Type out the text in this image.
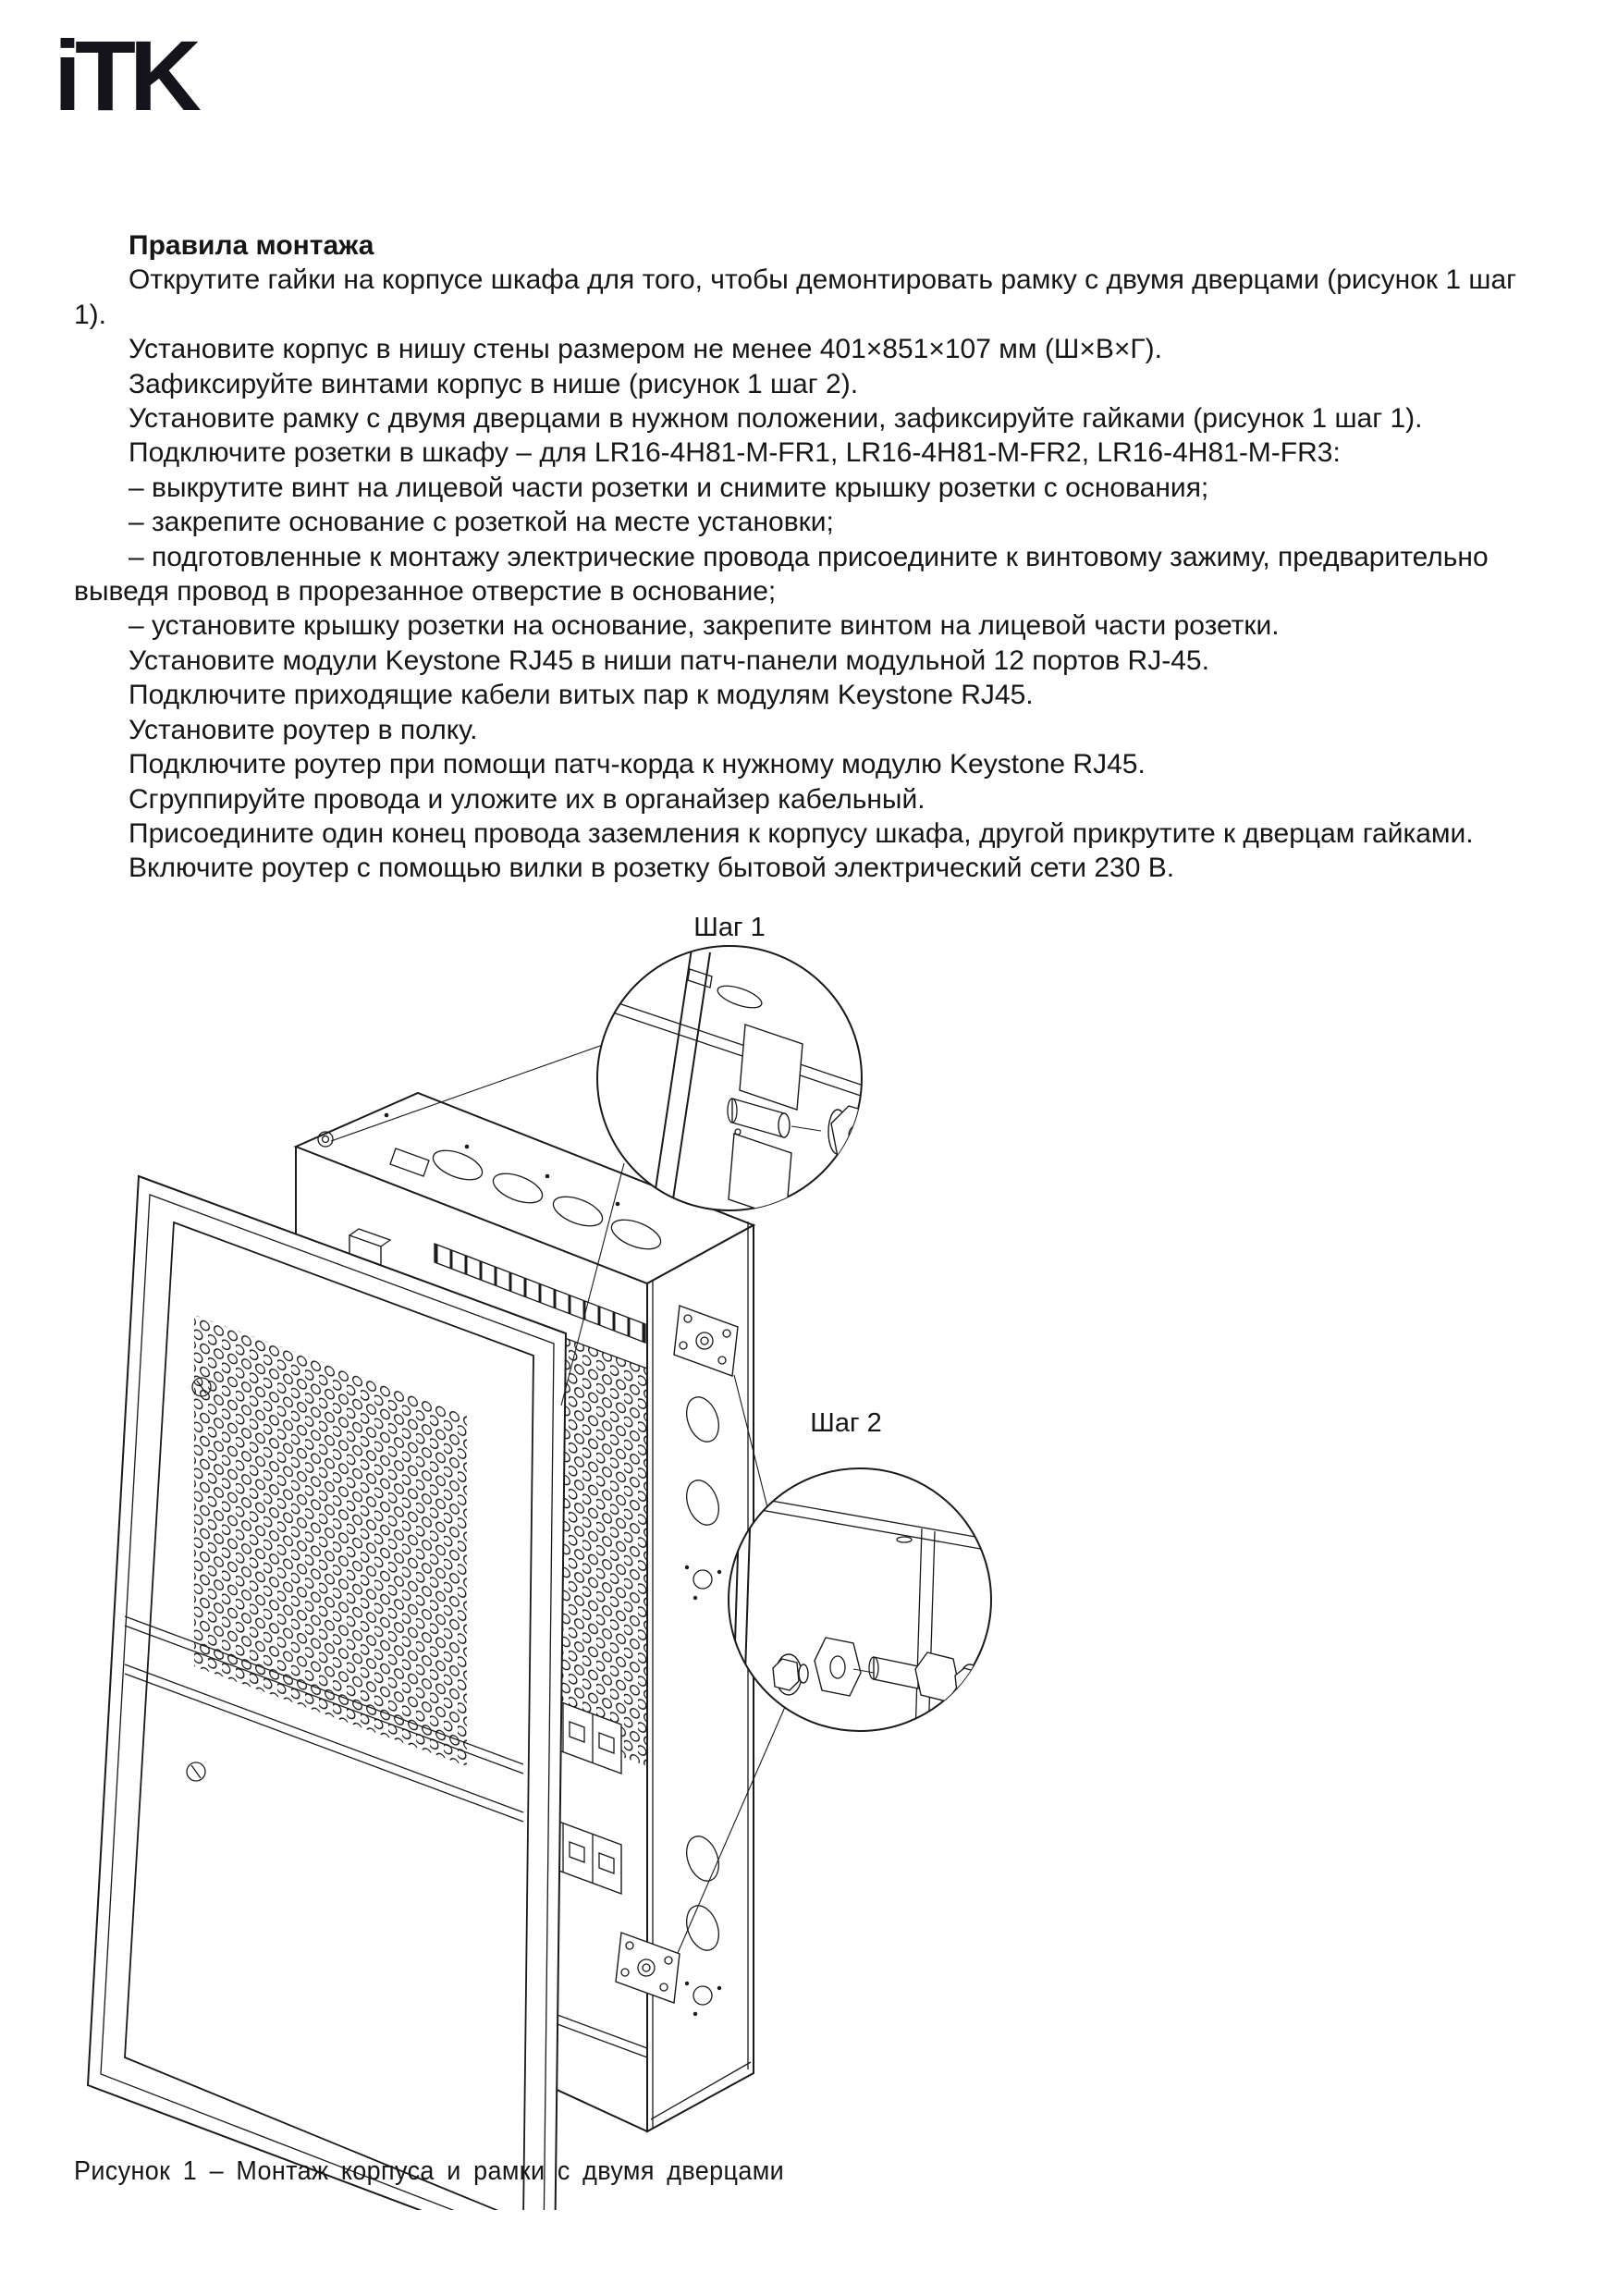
iTK

Правила монтажа

Открутите гайки на корпусе шкафа для того, чтобы демонтировать рамку с двумя дверцами (рисунок 1 шаг 1).

Установите корпус в нишу стены размером не менее 401×851×107 мм (Ш×В×Г).

Зафиксируйте винтами корпус в нише (рисунок 1 шаг 2).

Установите рамку с двумя дверцами в нужном положении, зафиксируйте гайками (рисунок 1 шаг 1).

Подключите розетки в шкафу – для LR16-4H81-M-FR1, LR16-4H81-M-FR2, LR16-4H81-M-FR3:

– выкрутите винт на лицевой части розетки и снимите крышку розетки с основания;

– закрепите основание с розеткой на месте установки;

– подготовленные к монтажу электрические провода присоедините к винтовому зажиму, предварительно выведя провод в прорезанное отверстие в основание;

– установите крышку розетки на основание, закрепите винтом на лицевой части розетки.

Установите модули Keystone RJ45 в ниши патч-панели модульной 12 портов RJ-45.

Подключите приходящие кабели витых пар к модулям Keystone RJ45.

Установите роутер в полку.

Подключите роутер при помощи патч-корда к нужному модулю Keystone RJ45.

Сгруппируйте провода и уложите их в органайзер кабельный.

Присоедините один конец провода заземления к корпусу шкафа, другой прикрутите к дверцам гайками.

Включите роутер с помощью вилки в розетку бытовой электрический сети 230 В.

Шаг 1
Шаг 2
Рисунок 1 – Монтаж корпуса и рамки с двумя дверцами
